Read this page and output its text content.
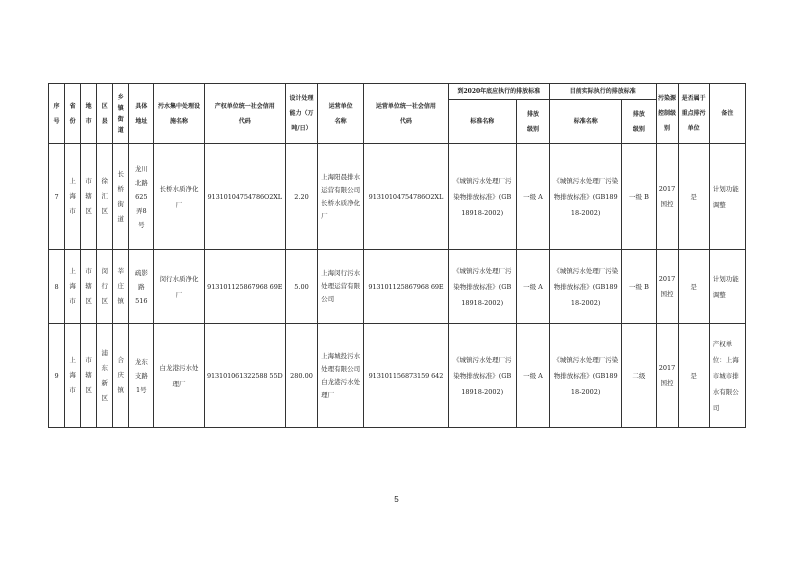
序号	省份	地市	区县	乡镇街道	具体地址	污水集中处理设施名称	产权单位统一社会信用代码	设计处理能力（万吨/日）	运营单位名称	运营单位统一社会信用代码	到2020年底应执行的排放标准		目前实际执行的排放标准		污染源控制级别	是否属于重点排污单位	备注
											标准名称	排放级别	标准名称	排放级别			

7	上海市	市辖区	徐汇区	长桥街道	龙川北路625弄8号	长桥水质净化厂	91310104754786O2XL	2.20	上海阳晨排水运营有限公司长桥水质净化厂	91310104754786O2XL	《城镇污水处理厂污染物排放标准》(GB18918-2002)	一级 A	《城镇污水处理厂污染物排放标准》(GB18918-2002)	一级 B	2017国控	是	计划功能调整

8	上海市	市辖区	闵行区	莘庄镇	疏影路516	闵行水质净化厂	913101125867968 69E	5.00	上海闵行污水处理运营有限公司	913101125867968 69E	《城镇污水处理厂污染物排放标准》(GB18918-2002)	一级 A	《城镇污水处理厂污染物排放标准》(GB18918-2002)	一级 B	2017国控	是	计划功能调整

9	上海市	市辖区	浦东新区	合庆镇	龙东支路1号	白龙港污水处理厂	913101061322588 55D	280.00	上海城投污水处理有限公司白龙港污水处理厂	913101156873159 642	《城镇污水处理厂污染物排放标准》(GB18918-2002)	一级 A	《城镇污水处理厂污染物排放标准》(GB18918-2002)	二级	2017国控	是	产权单位：上海市城市排水有限公司
5
